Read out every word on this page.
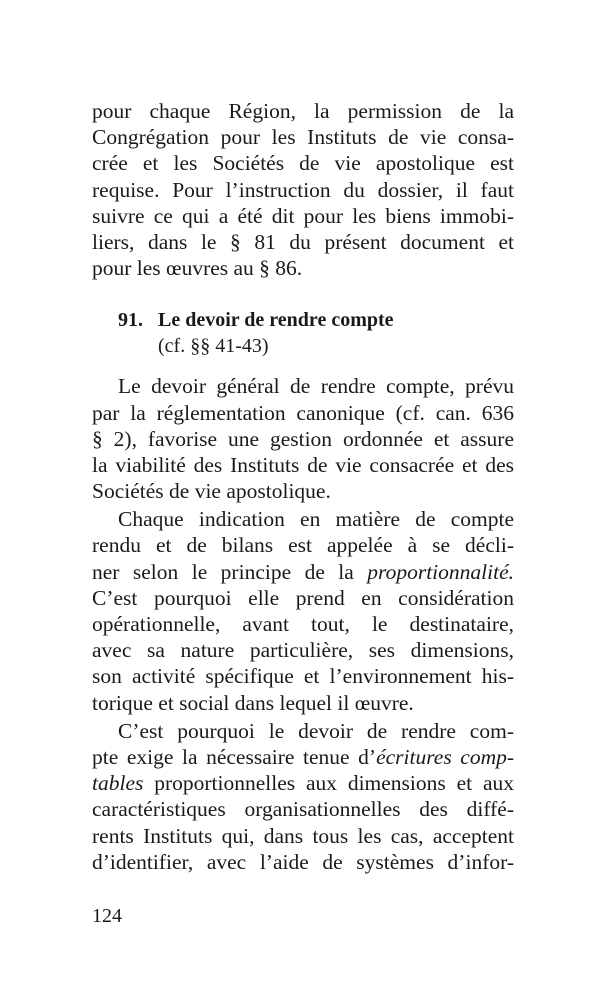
pour chaque Région, la permission de la
Congrégation pour les Instituts de vie consa-
crée et les Sociétés de vie apostolique est
requise. Pour l’instruction du dossier, il faut
suivre ce qui a été dit pour les biens immobi-
liers, dans le § 81 du présent document et
pour les œuvres au § 86.
91. Le devoir de rendre compte
(cf. §§ 41-43)
Le devoir général de rendre compte, prévu
par la réglementation canonique (cf. can. 636
§ 2), favorise une gestion ordonnée et assure
la viabilité des Instituts de vie consacrée et des
Sociétés de vie apostolique.
Chaque indication en matière de compte
rendu et de bilans est appelée à se décli-
ner selon le principe de la proportionnalité.
C’est pourquoi elle prend en considération
opérationnelle, avant tout, le destinataire,
avec sa nature particulière, ses dimensions,
son activité spécifique et l’environnement his-
torique et social dans lequel il œuvre.
C’est pourquoi le devoir de rendre com-
pte exige la nécessaire tenue d’écritures comp-
tables proportionnelles aux dimensions et aux
caractéristiques organisationnelles des diffé-
rents Instituts qui, dans tous les cas, acceptent
d’identifier, avec l’aide de systèmes d’infor-
124
